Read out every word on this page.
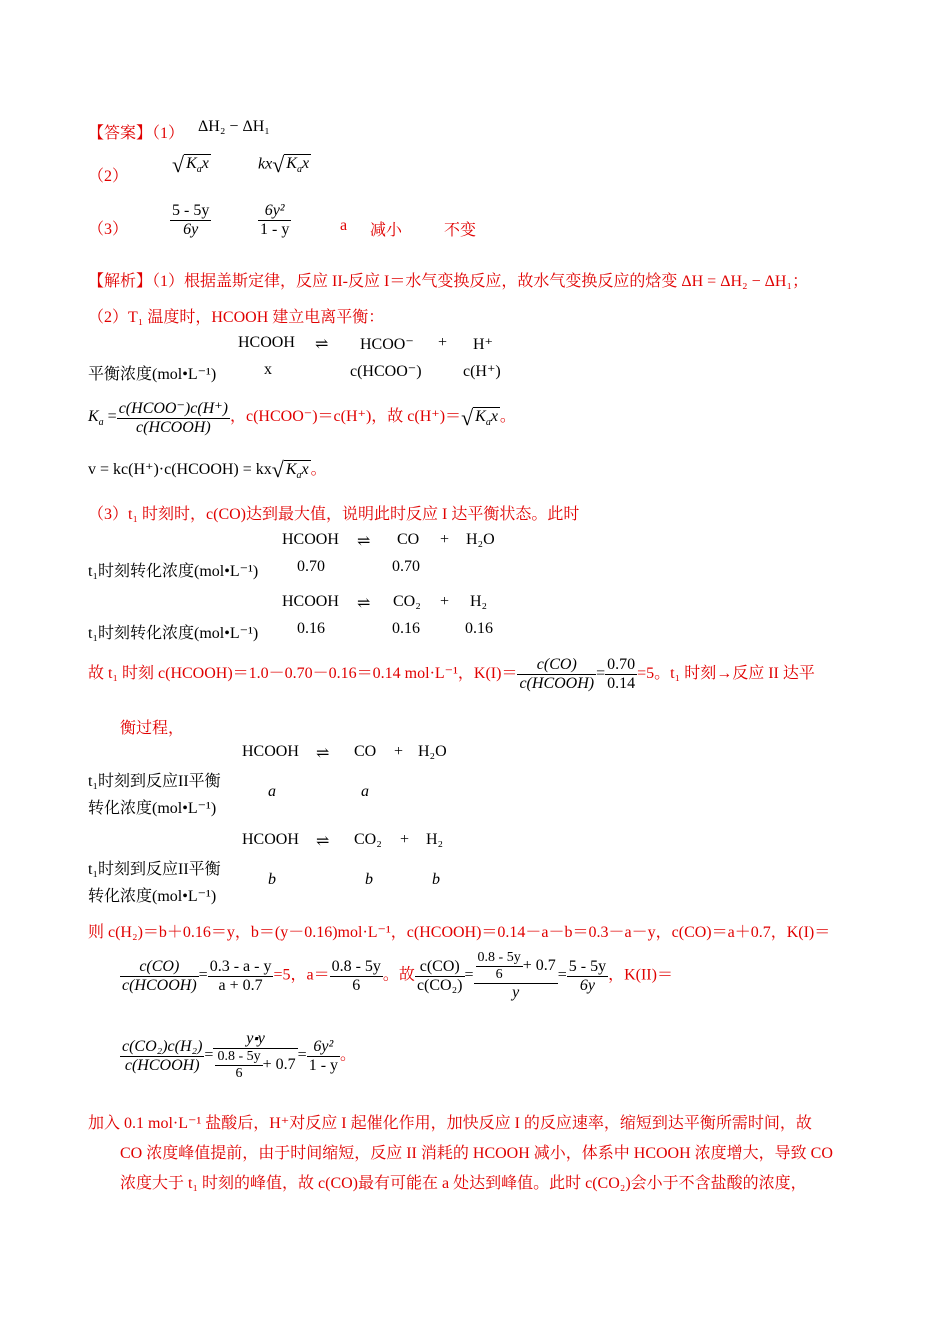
【答案】（1） ΔH₂ − ΔH₁
（2） √ $K_ax$	kx√ $K_ax$
（3）	$\frac{5 - 5y}{6y}$	$\frac{\text{6y²}}{1 - y}$	a 减小	不变
【解析】（1）根据盖斯定律，反应 II-反应 I＝水气变换反应，故水气变换反应的焓变 ΔH = ΔH₂ − ΔH₁；
（2）T₁ 温度时，HCOOH 建立电离平衡：
HCOOH ⇌ HCOO⁻ + H⁺
平衡浓度(mol•L⁻¹)	x	c(HCOO⁻)	c(H⁺)
$K_a = \frac{\text{c(HCOO⁻)c(H⁺)}}{\text{c(HCOOH)}}$ ，c(HCOO⁻)＝c(H⁺)，故 c(H⁺)＝√ $K_ax$ 。
v = kc(H⁺)·c(HCOOH) = kx√ $K_ax$ 。
（3）t₁ 时刻时，c(CO)达到最大值，说明此时反应 I 达平衡状态。此时
HCOOH ⇌ CO + H₂O
t₁时刻转化浓度(mol•L⁻¹) 0.70	0.70
HCOOH ⇌ CO₂ + H₂
t₁时刻转化浓度(mol•L⁻¹) 0.16	0.16	0.16
故 t₁ 时刻 c(HCOOH)＝1.0－0.70－0.16＝0.14 mol·L⁻¹，$K(I)= \frac{c(CO)}{\text{c(HCOOH)}} = \frac{0.70}{0.14} =5$。t₁ 时刻→反应 II 达平
衡过程，
HCOOH ⇌ CO + H₂O
t₁时刻到反应II平衡
转化浓度(mol•L⁻¹)
a	a
HCOOH ⇌ CO₂ + H₂
t₁时刻到反应II平衡
转化浓度(mol•L⁻¹)
b	b	b
则 c(H₂)＝b＋0.16＝y，b＝(y－0.16)mol·L⁻¹，c(HCOOH)＝0.14－a－b＝0.3－a－y，c(CO)＝a＋0.7，K(I)＝
$\frac{c(CO)}{\text{c(HCOOH)}} = \frac{0.3 - a - y}{a + 0.7} =5$，$a= \frac{0.8 - 5y}{6}$ 。故 $\frac{c(CO)}{\text{c(CO₂)}} = \frac{\frac{0.8 - 5y}{6} + 0.7}{y} = \frac{5 - 5y}{6y}$ ，K(II)＝
$\frac{\text{c(CO₂)c(H₂)}}{\text{c(HCOOH)}} = \frac{y⬝y}{\frac{0.8 - 5y}{6} + 0.7} = \frac{\text{6y²}}{1 - y}$ 。
加入 0.1 mol·L⁻¹ 盐酸后，H⁺对反应 I 起催化作用，加快反应 I 的反应速率，缩短到达平衡所需时间，故
CO 浓度峰值提前，由于时间缩短，反应 II 消耗的 HCOOH 减小，体系中 HCOOH 浓度增大，导致 CO
浓度大于 t₁ 时刻的峰值，故 c(CO)最有可能在 a 处达到峰值。此时 c(CO₂)会小于不含盐酸的浓度，
